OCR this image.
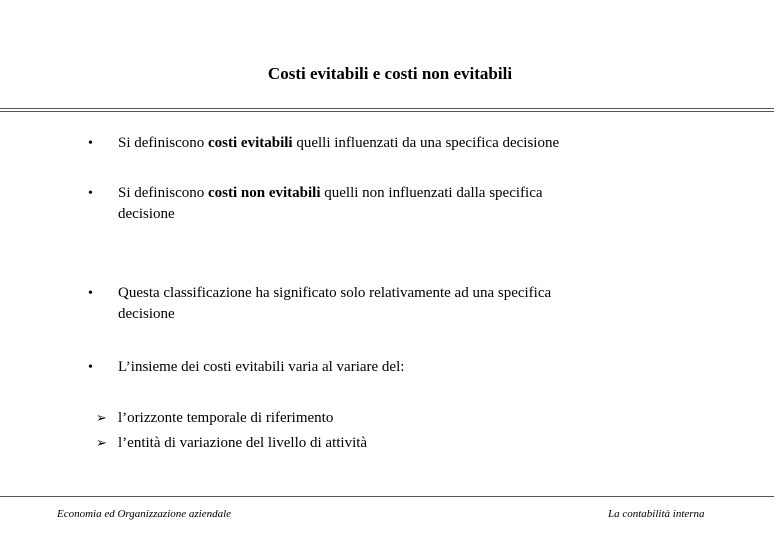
Costi evitabili e costi non evitabili
• Si definiscono costi evitabili quelli influenzati da una specifica decisione
• Si definiscono costi non evitabili quelli non influenzati dalla specifica
decisione
• Questa classificazione ha significato solo relativamente ad una specifica
decisione
• L’insieme dei costi evitabili varia al variare del:
➢ l’orizzonte temporale di riferimento
➢ l’entità di variazione del livello di attività
Economia ed Organizzazione aziendale	La contabilità interna
